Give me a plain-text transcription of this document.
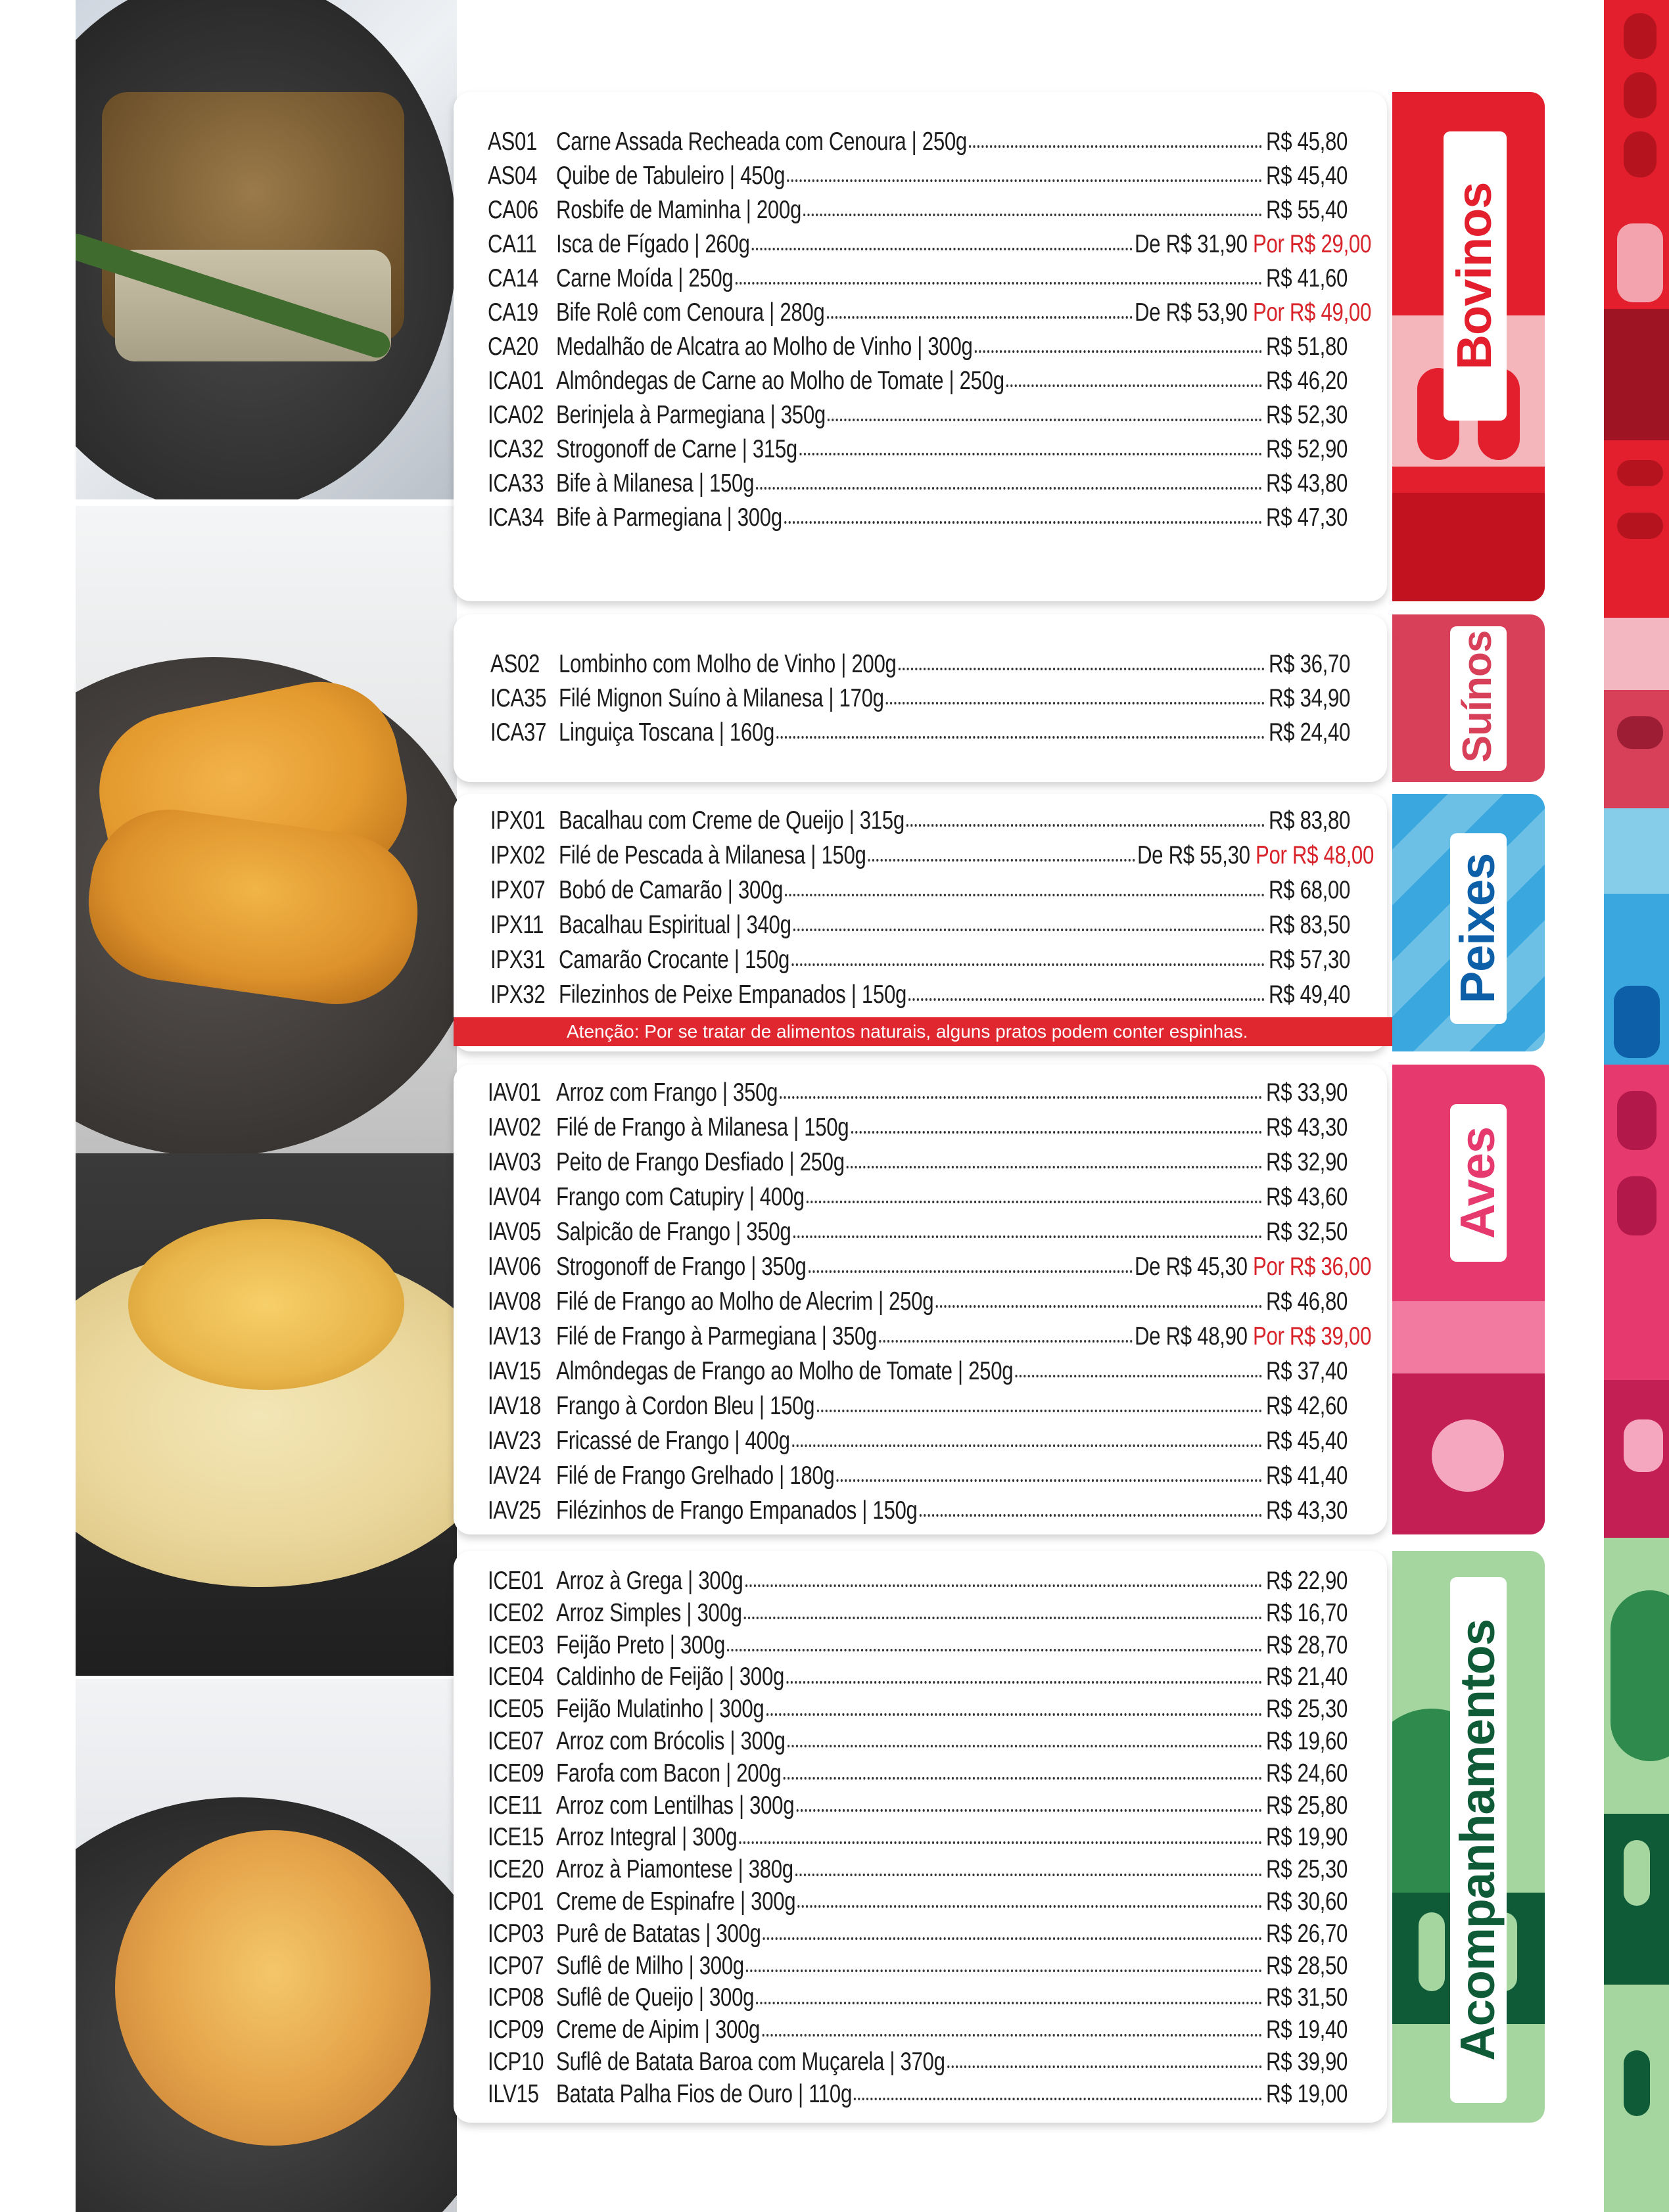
Bovinos
Suínos
Peixes
Aves
Acompanhamentos
AS01 Carne Assada Recheada com Cenoura | 250g	R$ 45,80
AS04 Quibe de Tabuleiro | 450g	R$ 45,40
CA06 Rosbife de Maminha | 200g	R$ 55,40
CA11 Isca de Fígado | 260g	De R$ 31,90 Por R$ 29,00
CA14 Carne Moída | 250g	R$ 41,60
CA19 Bife Rolê com Cenoura | 280g	De R$ 53,90 Por R$ 49,00
CA20 Medalhão de Alcatra ao Molho de Vinho | 300g	R$ 51,80
ICA01 Almôndegas de Carne ao Molho de Tomate | 250g	R$ 46,20
ICA02 Berinjela à Parmegiana | 350g	R$ 52,30
ICA32 Strogonoff de Carne | 315g	R$ 52,90
ICA33 Bife à Milanesa | 150g	R$ 43,80
ICA34 Bife à Parmegiana | 300g	R$ 47,30
AS02 Lombinho com Molho de Vinho | 200g	R$ 36,70
ICA35 Filé Mignon Suíno à Milanesa | 170g	R$ 34,90
ICA37 Linguiça Toscana | 160g	R$ 24,40
IPX01 Bacalhau com Creme de Queijo | 315g	R$ 83,80
IPX02 Filé de Pescada à Milanesa | 150g	De R$ 55,30 Por R$ 48,00
IPX07 Bobó de Camarão | 300g	R$ 68,00
IPX11 Bacalhau Espiritual | 340g	R$ 83,50
IPX31 Camarão Crocante | 150g	R$ 57,30
IPX32 Filezinhos de Peixe Empanados | 150g	R$ 49,40
Atenção: Por se tratar de alimentos naturais, alguns pratos podem conter espinhas.
IAV01 Arroz com Frango | 350g	R$ 33,90
IAV02 Filé de Frango à Milanesa | 150g	R$ 43,30
IAV03 Peito de Frango Desfiado | 250g	R$ 32,90
IAV04 Frango com Catupiry | 400g	R$ 43,60
IAV05 Salpicão de Frango | 350g	R$ 32,50
IAV06 Strogonoff de Frango | 350g	De R$ 45,30 Por R$ 36,00
IAV08 Filé de Frango ao Molho de Alecrim | 250g	R$ 46,80
IAV13 Filé de Frango à Parmegiana | 350g	De R$ 48,90 Por R$ 39,00
IAV15 Almôndegas de Frango ao Molho de Tomate | 250g	R$ 37,40
IAV18 Frango à Cordon Bleu | 150g	R$ 42,60
IAV23 Fricassé de Frango | 400g	R$ 45,40
IAV24 Filé de Frango Grelhado | 180g	R$ 41,40
IAV25 Filézinhos de Frango Empanados | 150g	R$ 43,30
ICE01 Arroz à Grega | 300g	R$ 22,90
ICE02 Arroz Simples | 300g	R$ 16,70
ICE03 Feijão Preto | 300g	R$ 28,70
ICE04 Caldinho de Feijão | 300g	R$ 21,40
ICE05 Feijão Mulatinho | 300g	R$ 25,30
ICE07 Arroz com Brócolis | 300g	R$ 19,60
ICE09 Farofa com Bacon | 200g	R$ 24,60
ICE11 Arroz com Lentilhas | 300g	R$ 25,80
ICE15 Arroz Integral | 300g	R$ 19,90
ICE20 Arroz à Piamontese | 380g	R$ 25,30
ICP01 Creme de Espinafre | 300g	R$ 30,60
ICP03 Purê de Batatas | 300g	R$ 26,70
ICP07 Suflê de Milho | 300g	R$ 28,50
ICP08 Suflê de Queijo | 300g	R$ 31,50
ICP09 Creme de Aipim | 300g	R$ 19,40
ICP10 Suflê de Batata Baroa com Muçarela | 370g	R$ 39,90
ILV15 Batata Palha Fios de Ouro | 110g	R$ 19,00
